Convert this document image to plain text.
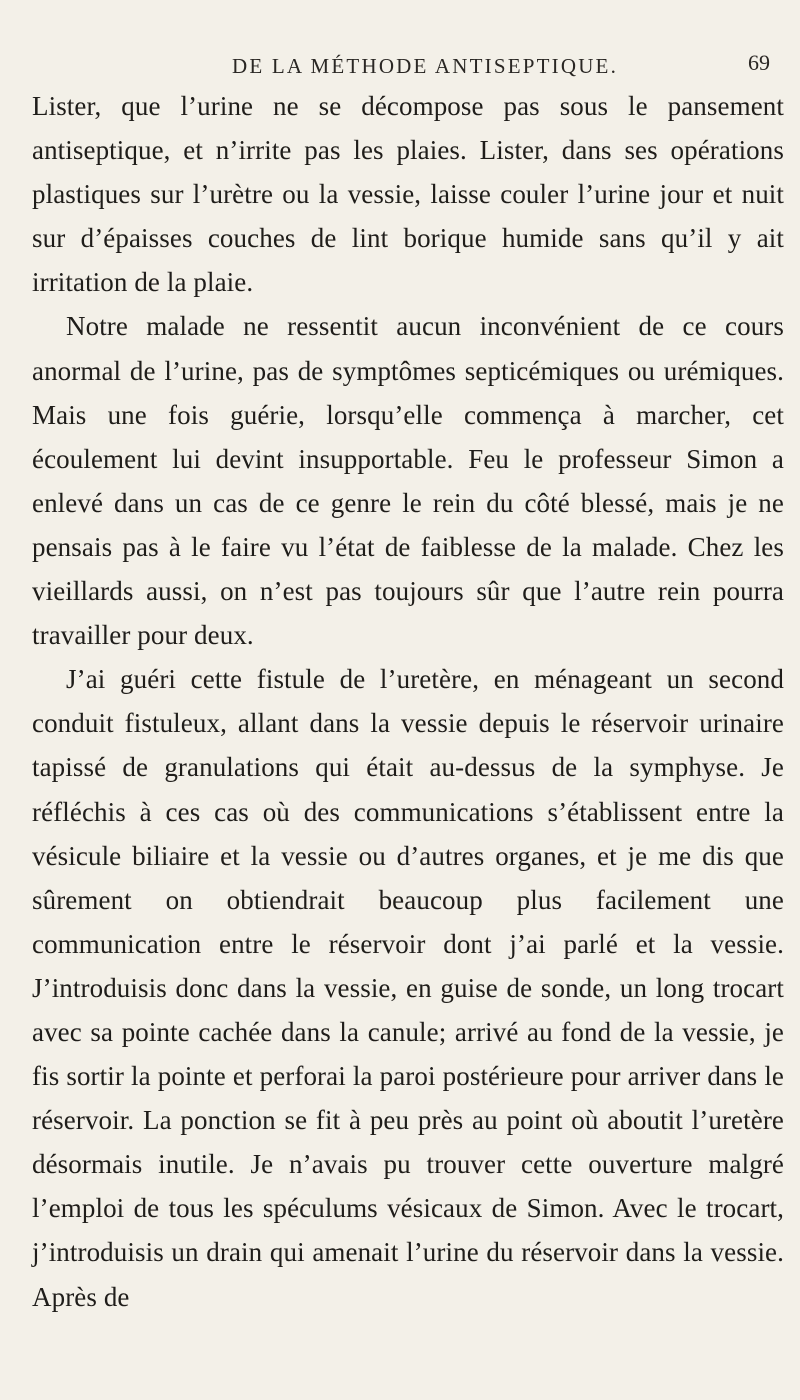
DE LA MÉTHODE ANTISEPTIQUE.	69

Lister, que l’urine ne se décompose pas sous le pansement antiseptique, et n’irrite pas les plaies. Lister, dans ses opérations plastiques sur l’urètre ou la vessie, laisse couler l’urine jour et nuit sur d’épaisses couches de lint borique humide sans qu’il y ait irritation de la plaie.

Notre malade ne ressentit aucun inconvénient de ce cours anormal de l’urine, pas de symptômes septicémiques ou urémiques. Mais une fois guérie, lorsqu’elle commença à marcher, cet écoulement lui devint insupportable. Feu le professeur Simon a enlevé dans un cas de ce genre le rein du côté blessé, mais je ne pensais pas à le faire vu l’état de faiblesse de la malade. Chez les vieillards aussi, on n’est pas toujours sûr que l’autre rein pourra travailler pour deux.

J’ai guéri cette fistule de l’uretère, en ménageant un second conduit fistuleux, allant dans la vessie depuis le réservoir urinaire tapissé de granulations qui était au-dessus de la symphyse. Je réfléchis à ces cas où des communications s’établissent entre la vésicule biliaire et la vessie ou d’autres organes, et je me dis que sûrement on obtiendrait beaucoup plus facilement une communication entre le réservoir dont j’ai parlé et la vessie. J’introduisis donc dans la vessie, en guise de sonde, un long trocart avec sa pointe cachée dans la canule; arrivé au fond de la vessie, je fis sortir la pointe et perforai la paroi postérieure pour arriver dans le réservoir. La ponction se fit à peu près au point où aboutit l’uretère désormais inutile. Je n’avais pu trouver cette ouverture malgré l’emploi de tous les spéculums vésicaux de Simon. Avec le trocart, j’introduisis un drain qui amenait l’urine du réservoir dans la vessie. Après de
